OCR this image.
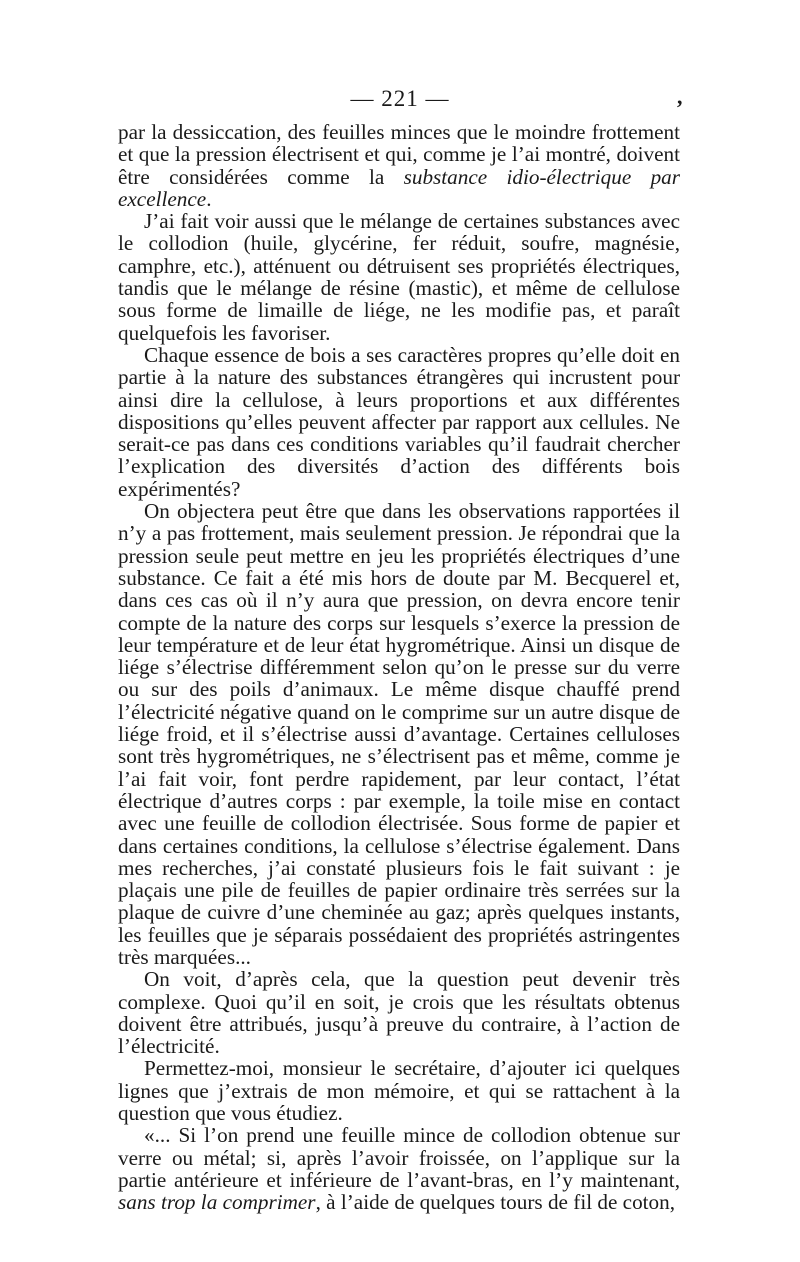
— 221 —	‚

par la dessiccation, des feuilles minces que le moindre frottement et que la pression électrisent et qui, comme je l’ai montré, doivent être considérées comme la substance idio-électrique par excellence.

J’ai fait voir aussi que le mélange de certaines substances avec le collodion (huile, glycérine, fer réduit, soufre, magnésie, camphre, etc.), atténuent ou détruisent ses propriétés électriques, tandis que le mélange de résine (mastic), et même de cellulose sous forme de limaille de liége, ne les modifie pas, et paraît quelquefois les favoriser.

Chaque essence de bois a ses caractères propres qu’elle doit en partie à la nature des substances étrangères qui incrustent pour ainsi dire la cellulose, à leurs proportions et aux différentes dispositions qu’elles peuvent affecter par rapport aux cellules. Ne serait-ce pas dans ces conditions variables qu’il faudrait chercher l’explication des diversités d’action des différents bois expérimentés?

On objectera peut être que dans les observations rapportées il n’y a pas frottement, mais seulement pression. Je répondrai que la pression seule peut mettre en jeu les propriétés électriques d’une substance. Ce fait a été mis hors de doute par M. Becquerel et, dans ces cas où il n’y aura que pression, on devra encore tenir compte de la nature des corps sur lesquels s’exerce la pression de leur température et de leur état hygrométrique. Ainsi un disque de liége s’électrise différemment selon qu’on le presse sur du verre ou sur des poils d’animaux. Le même disque chauffé prend l’électricité négative quand on le comprime sur un autre disque de liége froid, et il s’électrise aussi d’avantage. Certaines celluloses sont très hygrométriques, ne s’électrisent pas et même, comme je l’ai fait voir, font perdre rapidement, par leur contact, l’état électrique d’autres corps : par exemple, la toile mise en contact avec une feuille de collodion électrisée. Sous forme de papier et dans certaines conditions, la cellulose s’électrise également. Dans mes recherches, j’ai constaté plusieurs fois le fait suivant : je plaçais une pile de feuilles de papier ordinaire très serrées sur la plaque de cuivre d’une cheminée au gaz; après quelques instants, les feuilles que je séparais possédaient des propriétés astringentes très marquées...

On voit, d’après cela, que la question peut devenir très complexe. Quoi qu’il en soit, je crois que les résultats obtenus doivent être attribués, jusqu’à preuve du contraire, à l’action de l’électricité.

Permettez-moi, monsieur le secrétaire, d’ajouter ici quelques lignes que j’extrais de mon mémoire, et qui se rattachent à la question que vous étudiez.

«... Si l’on prend une feuille mince de collodion obtenue sur verre ou métal; si, après l’avoir froissée, on l’applique sur la partie antérieure et inférieure de l’avant-bras, en l’y maintenant, sans trop la comprimer, à l’aide de quelques tours de fil de coton,
